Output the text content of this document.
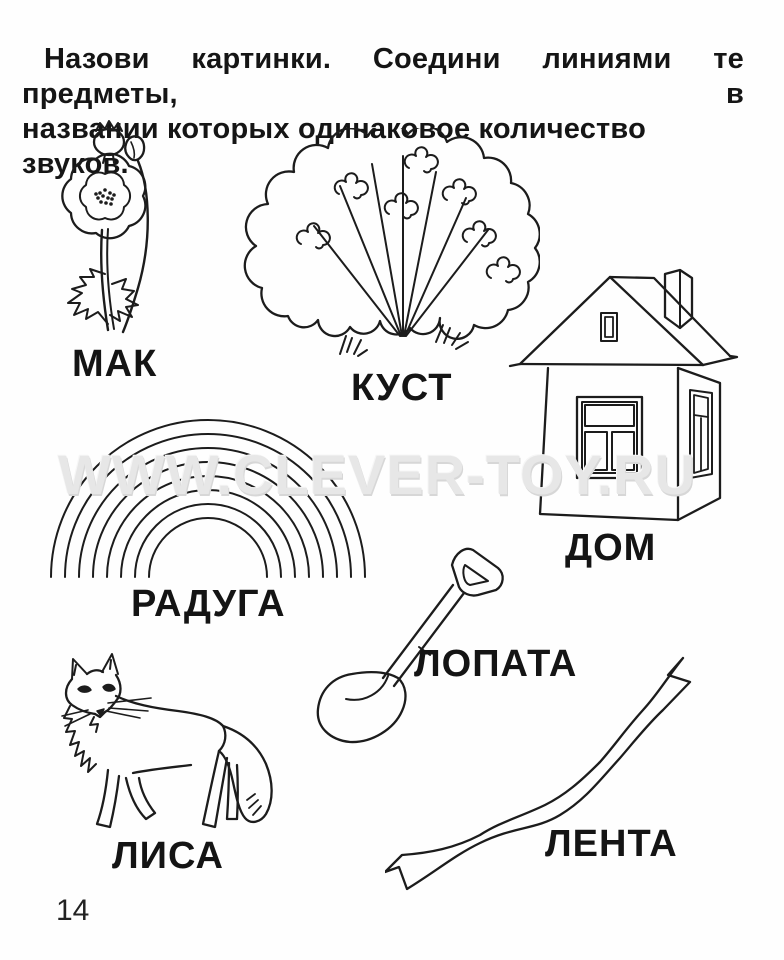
Назови картинки. Соедини линиями те предметы, в
названии которых одинаковое количество звуков.
МАК
КУСТ
ДОМ
РАДУГА
ЛОПАТА
ЛИСА	ЛЕНТА
WWW.CLEVER-TOY.RU
14
